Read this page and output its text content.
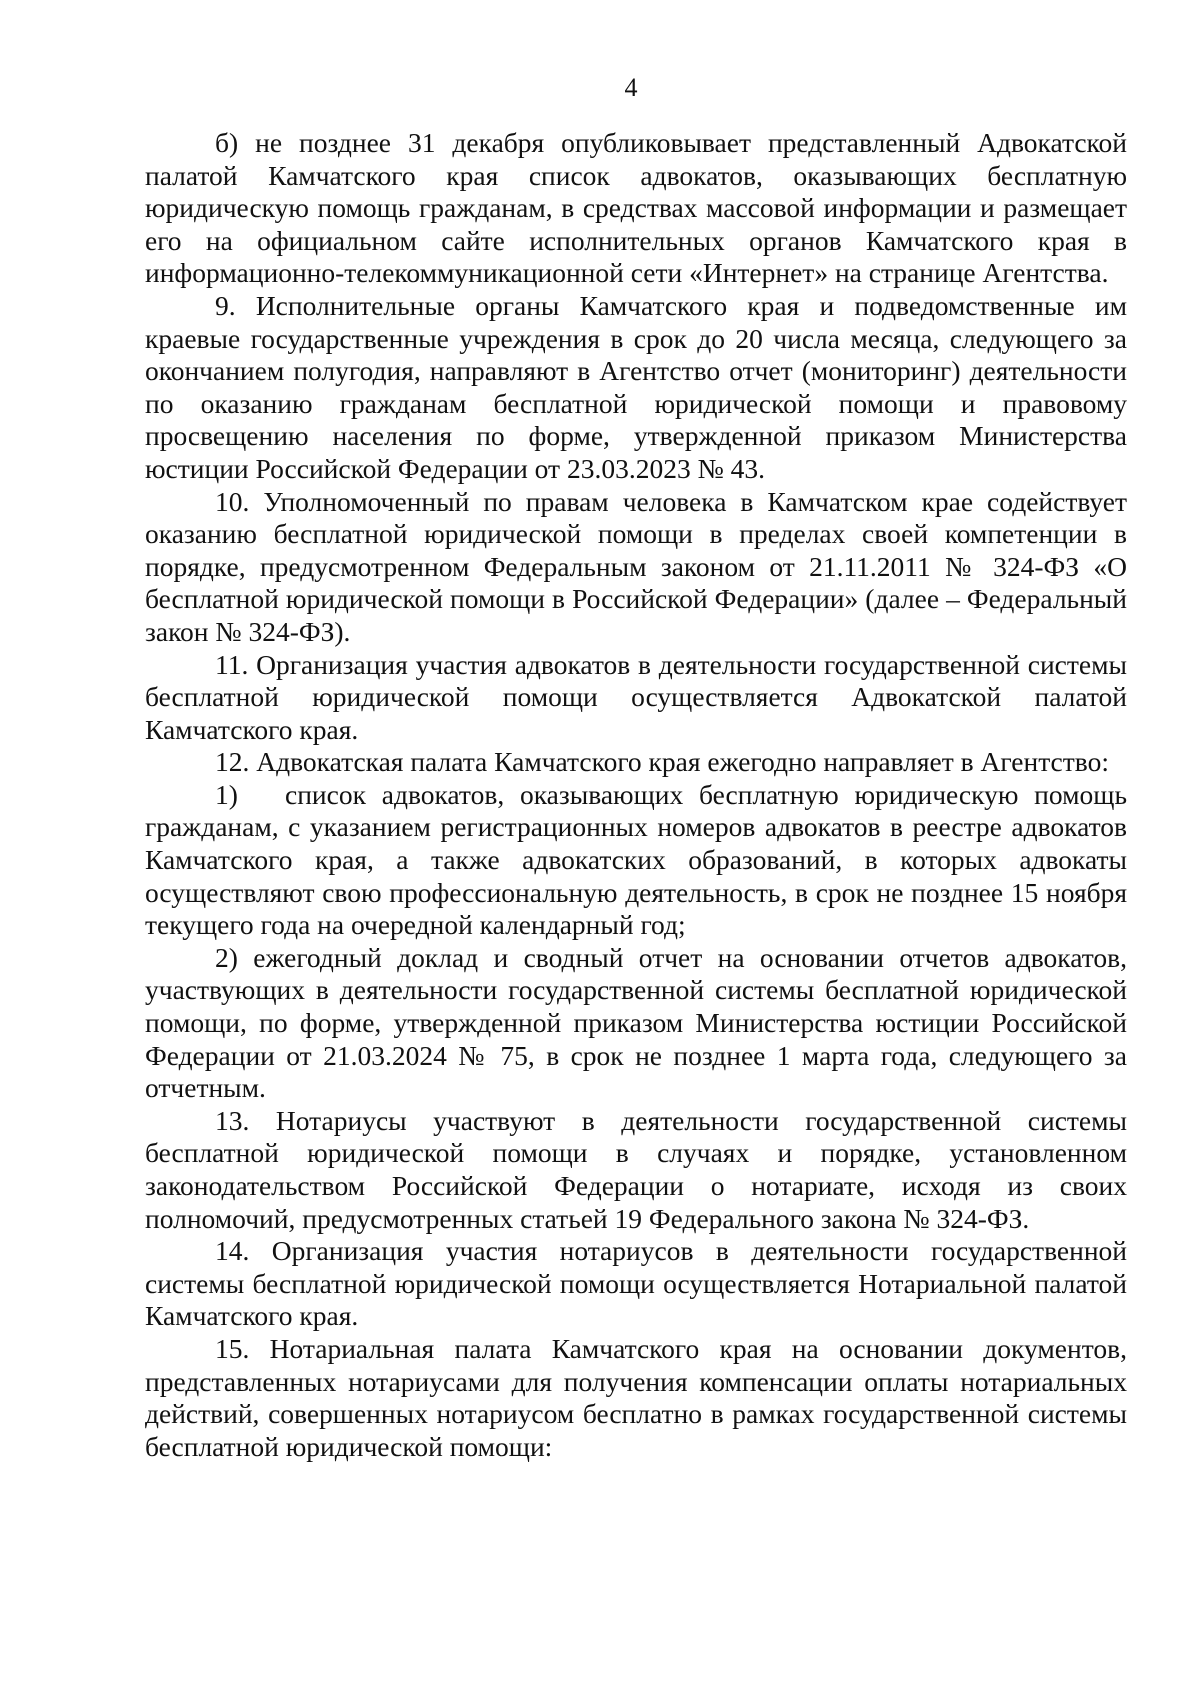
4

б) не позднее 31 декабря опубликовывает представленный Адвокатской палатой Камчатского края список адвокатов, оказывающих бесплатную юридическую помощь гражданам, в средствах массовой информации и размещает его на официальном сайте исполнительных органов Камчатского края в информационно-телекоммуникационной сети «Интернет» на странице Агентства.

9. Исполнительные органы Камчатского края и подведомственные им краевые государственные учреждения в срок до 20 числа месяца, следующего за окончанием полугодия, направляют в Агентство отчет (мониторинг) деятельности по оказанию гражданам бесплатной юридической помощи и правовому просвещению населения по форме, утвержденной приказом Министерства юстиции Российской Федерации от 23.03.2023 № 43.

10. Уполномоченный по правам человека в Камчатском крае содействует оказанию бесплатной юридической помощи в пределах своей компетенции в порядке, предусмотренном Федеральным законом от 21.11.2011 № 324-ФЗ «О бесплатной юридической помощи в Российской Федерации» (далее – Федеральный закон № 324-ФЗ).

11. Организация участия адвокатов в деятельности государственной системы бесплатной юридической помощи осуществляется Адвокатской палатой Камчатского края.

12. Адвокатская палата Камчатского края ежегодно направляет в Агентство:

1) список адвокатов, оказывающих бесплатную юридическую помощь гражданам, с указанием регистрационных номеров адвокатов в реестре адвокатов Камчатского края, а также адвокатских образований, в которых адвокаты осуществляют свою профессиональную деятельность, в срок не позднее 15 ноября текущего года на очередной календарный год;

2) ежегодный доклад и сводный отчет на основании отчетов адвокатов, участвующих в деятельности государственной системы бесплатной юридической помощи, по форме, утвержденной приказом Министерства юстиции Российской Федерации от 21.03.2024 № 75, в срок не позднее 1 марта года, следующего за отчетным.

13. Нотариусы участвуют в деятельности государственной системы бесплатной юридической помощи в случаях и порядке, установленном законодательством Российской Федерации о нотариате, исходя из своих полномочий, предусмотренных статьей 19 Федерального закона № 324-ФЗ.

14. Организация участия нотариусов в деятельности государственной системы бесплатной юридической помощи осуществляется Нотариальной палатой Камчатского края.

15. Нотариальная палата Камчатского края на основании документов, представленных нотариусами для получения компенсации оплаты нотариальных действий, совершенных нотариусом бесплатно в рамках государственной системы бесплатной юридической помощи:
